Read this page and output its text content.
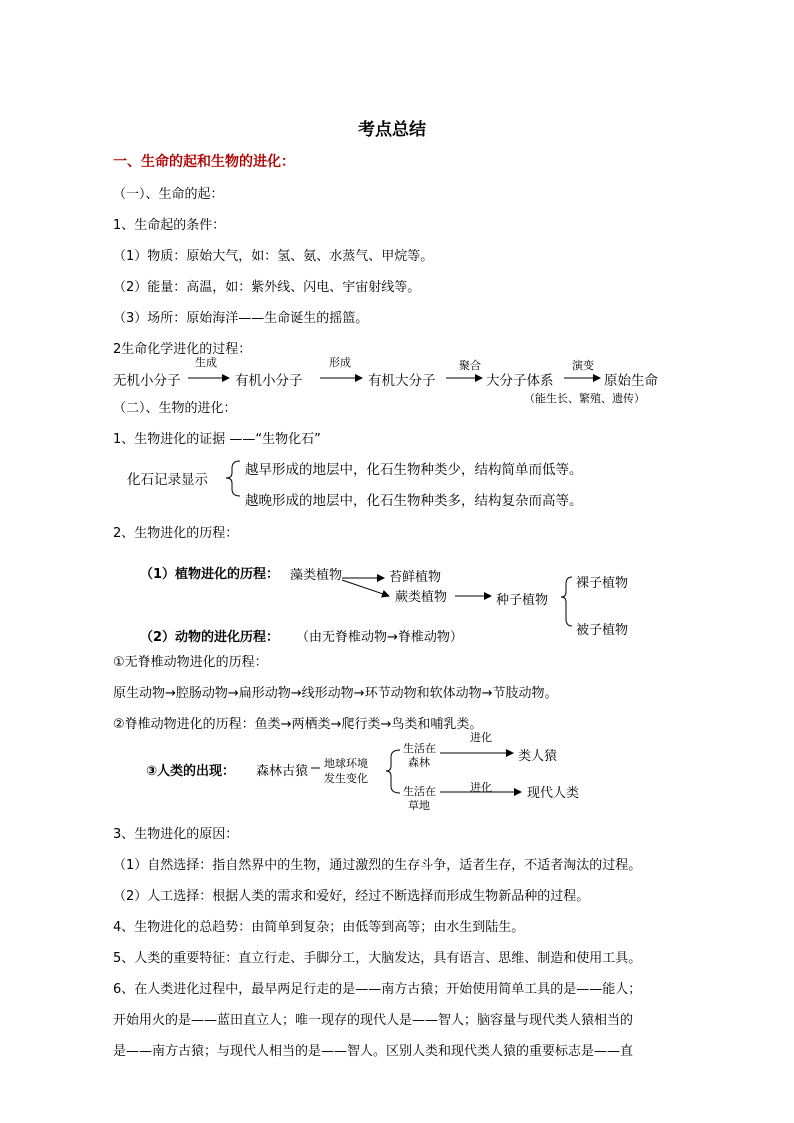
考点总结
一、生命的起和生物的进化：
（一）、生命的起：
1、生命起的条件：
（1）物质：原始大气，如：氢、氨、水蒸气、甲烷等。
（2）能量：高温，如：紫外线、闪电、宇宙射线等。
（3）场所：原始海洋——生命诞生的摇篮。
2生命化学进化的过程：
无机小分子
生成
有机小分子
形成
有机大分子
聚合
大分子体系
演变
原始生命
（能生长、繁殖、遗传）
（二）、生物的进化：
1、生物进化的证据 ——“生物化石”
化石记录显示
越早形成的地层中，化石生物种类少，结构简单而低等。
越晚形成的地层中，化石生物种类多，结构复杂而高等。
2、生物进化的历程：
（1）植物进化的历程： 藻类植物	苔鲜植物
蕨类植物	种子植物
裸子植物
被子植物
（2）动物的进化历程： （由无脊椎动物→脊椎动物）
①无脊椎动物进化的历程：
原生动物→腔肠动物→扁形动物→线形动物→环节动物和软体动物→节肢动物。
②脊椎动物进化的历程：鱼类→两栖类→爬行类→鸟类和哺乳类。
③人类的出现： 森林古猿
地球环境
发生变化
生活在
森林
生活在
草地
进化
进化
类人猿
现代人类
3、生物进化的原因：
（1）自然选择：指自然界中的生物，通过激烈的生存斗争，适者生存，不适者淘汰的过程。
（2）人工选择：根据人类的需求和爱好，经过不断选择而形成生物新品种的过程。
4、生物进化的总趋势：由简单到复杂；由低等到高等；由水生到陆生。
5、人类的重要特征：直立行走、手脚分工，大脑发达，具有语言、思维、制造和使用工具。
6、在人类进化过程中，最早两足行走的是——南方古猿；开始使用简单工具的是——能人；
开始用火的是——蓝田直立人；唯一现存的现代人是——智人；脑容量与现代类人猿相当的
是——南方古猿；与现代人相当的是——智人。区别人类和现代类人猿的重要标志是——直
